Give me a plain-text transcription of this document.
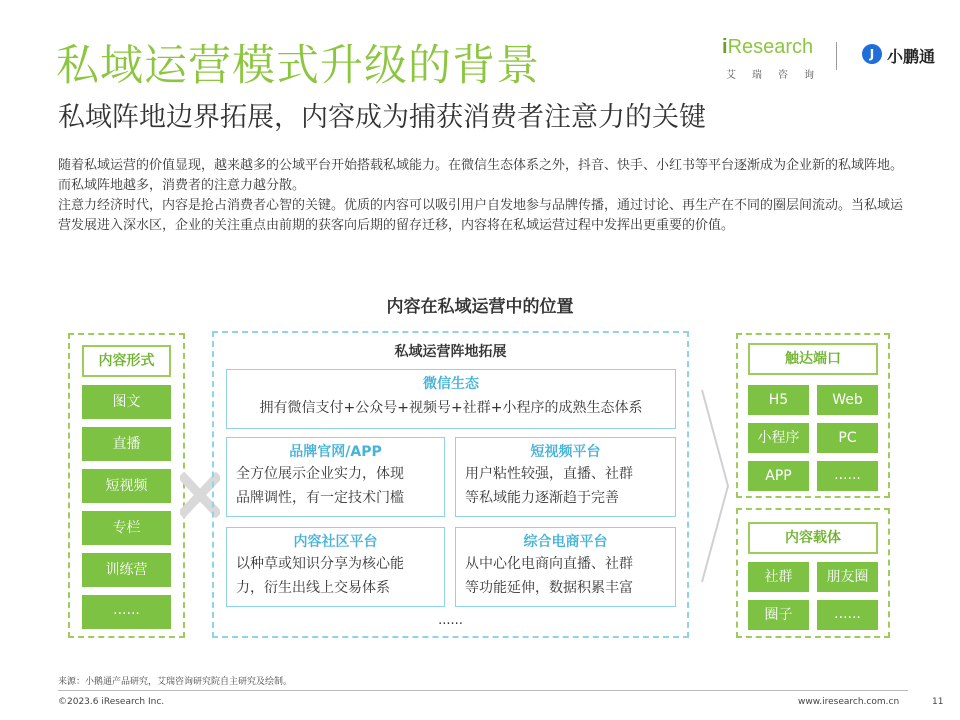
私域运营模式升级的背景
私域阵地边界拓展，内容成为捕获消费者注意力的关键
iResearch
艾瑞咨询
J 小鹏通

随着私域运营的价值显现，越来越多的公域平台开始搭载私域能力。在微信生态体系之外，抖音、快手、小红书等平台逐渐成为企业新的私域阵地。而私域阵地越多，消费者的注意力越分散。

注意力经济时代，内容是抢占消费者心智的关键。优质的内容可以吸引用户自发地参与品牌传播，通过讨论、再生产在不同的圈层间流动。当私域运营发展进入深水区，企业的关注重点由前期的获客向后期的留存迁移，内容将在私域运营过程中发挥出更重要的价值。

内容在私域运营中的位置
内容形式
图文
直播
短视频
专栏
训练营
......
私域运营阵地拓展
微信生态
拥有微信支付+公众号+视频号+社群+小程序的成熟生态体系
品牌官网/APP
全方位展示企业实力，体现
品牌调性，有一定技术门槛
短视频平台
用户粘性较强，直播、社群
等私域能力逐渐趋于完善
内容社区平台
以种草或知识分享为核心能
力，衍生出线上交易体系
综合电商平台
从中心化电商向直播、社群
等功能延伸，数据积累丰富
......
触达端口
H5	Web
小程序	PC
APP	......
内容载体
社群	朋友圈
圈子	......
来源：小鹅通产品研究，艾瑞咨询研究院自主研究及绘制。
©2023.6 iResearch Inc.	www.iresearch.com.cn	11
